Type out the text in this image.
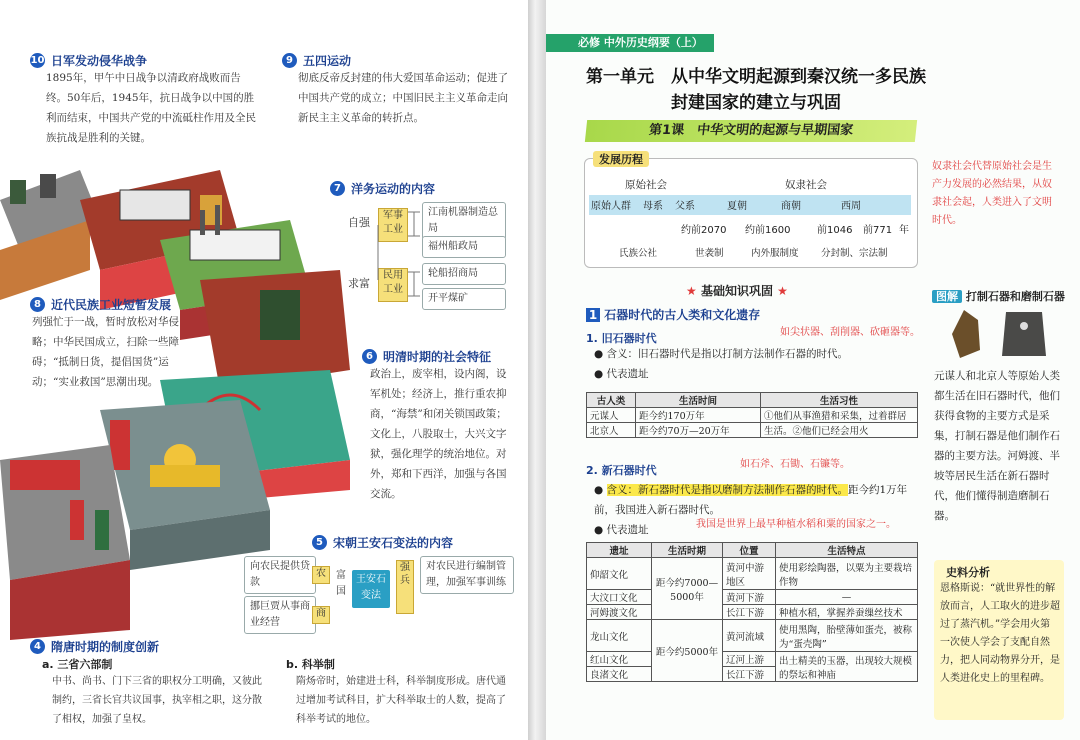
10 日军发动侵华战争
1895年，甲午中日战争以清政府战败而告终。50年后，1945年，抗日战争以中国的胜利而结束，中国共产党的中流砥柱作用及全民族抗战是胜利的关键。
9 五四运动
彻底反帝反封建的伟大爱国革命运动；促进了中国共产党的成立；中国旧民主主义革命走向新民主主义革命的转折点。
7 洋务运动的内容
自强
求富
军事工业
民用工业
江南机器制造总局
福州船政局
轮船招商局
开平煤矿
8 近代民族工业短暂发展
列强忙于一战，暂时放松对华侵略；中华民国成立，扫除一些障碍；“抵制日货，提倡国货”运动；“实业救国”思潮出现。
6 明清时期的社会特征
政治上，废宰相，设内阁，设军机处；经济上，推行重农抑商，“海禁”和闭关锁国政策；文化上，八股取士，大兴文字狱，强化理学的统治地位。对外，郑和下西洋，加强与各国交流。
5 宋朝王安石变法的内容
向农民提供贷款
挪巨贾从事商业经营
农
商
富国
王安石变法
强兵
对农民进行编制管理，加强军事训练
4 隋唐时期的制度创新
a. 三省六部制
中书、尚书、门下三省的职权分工明确，又彼此制约，三省长官共议国事，执宰相之职，这分散了相权，加强了皇权。
b. 科举制
隋炀帝时，始建进士科，科举制度形成。唐代通过增加考试科目，扩大科举取士的人数，提高了科举考试的地位。
必修 中外历史纲要（上）
第一单元　从中华文明起源到秦汉统一多民族封建国家的建立与巩固
第1课　中华文明的起源与早期国家
发展历程
原始社会	奴隶社会
原始人群 母系 父系	夏朝	商朝	西周
约前2070 约前1600	前1046 前771 年
氏族公社	世袭制	内外服制度 分封制、宗法制
奴隶社会代替原始社会是生产力发展的必然结果，从奴隶社会起，人类进入了文明时代。
★ 基础知识巩固 ★
1 石器时代的古人类和文化遗存
1. 旧石器时代	如尖状器、刮削器、砍砸器等。
● 含义：旧石器时代是指以打制方法制作石器的时代。
● 代表遗址
古人类	生活时间	生活习性
元谋人	距今约170万年	①他们从事渔猎和采集，过着群居
北京人	距今约70万—20万年	生活。②他们已经会用火
2. 新石器时代	如石斧、石锄、石镰等。
● 含义：新石器时代是指以磨制方法制作石器的时代。距今约1万年前，我国进入新石器时代。
● 代表遗址	我国是世界上最早种植水稻和粟的国家之一。
遗址	生活时期	位置	生活特点
仰韶文化	距今约7000—5000年	黄河中游地区	使用彩绘陶器，以粟为主要栽培作物
大汶口文化		黄河下游	—
河姆渡文化		长江下游	种植水稻，掌握养蚕缫丝技术
龙山文化	距今约5000年	黄河流域	使用黑陶，胎壁薄如蛋壳，被称为“蛋壳陶”
红山文化		辽河上游	出土精美的玉器，出现较大规模的祭坛和神庙
良渚文化		长江下游	
图解 打制石器和磨制石器
元谋人和北京人等原始人类都生活在旧石器时代，他们获得食物的主要方式是采集，打制石器是他们制作石器的主要方法。河姆渡、半坡等居民生活在新石器时代，他们懂得制造磨制石器。
史料分析
恩格斯说：“就世界性的解放而言，人工取火的进步超过了蒸汽机。”学会用火第一次使人学会了支配自然力，把人同动物界分开，是人类进化史上的里程碑。
